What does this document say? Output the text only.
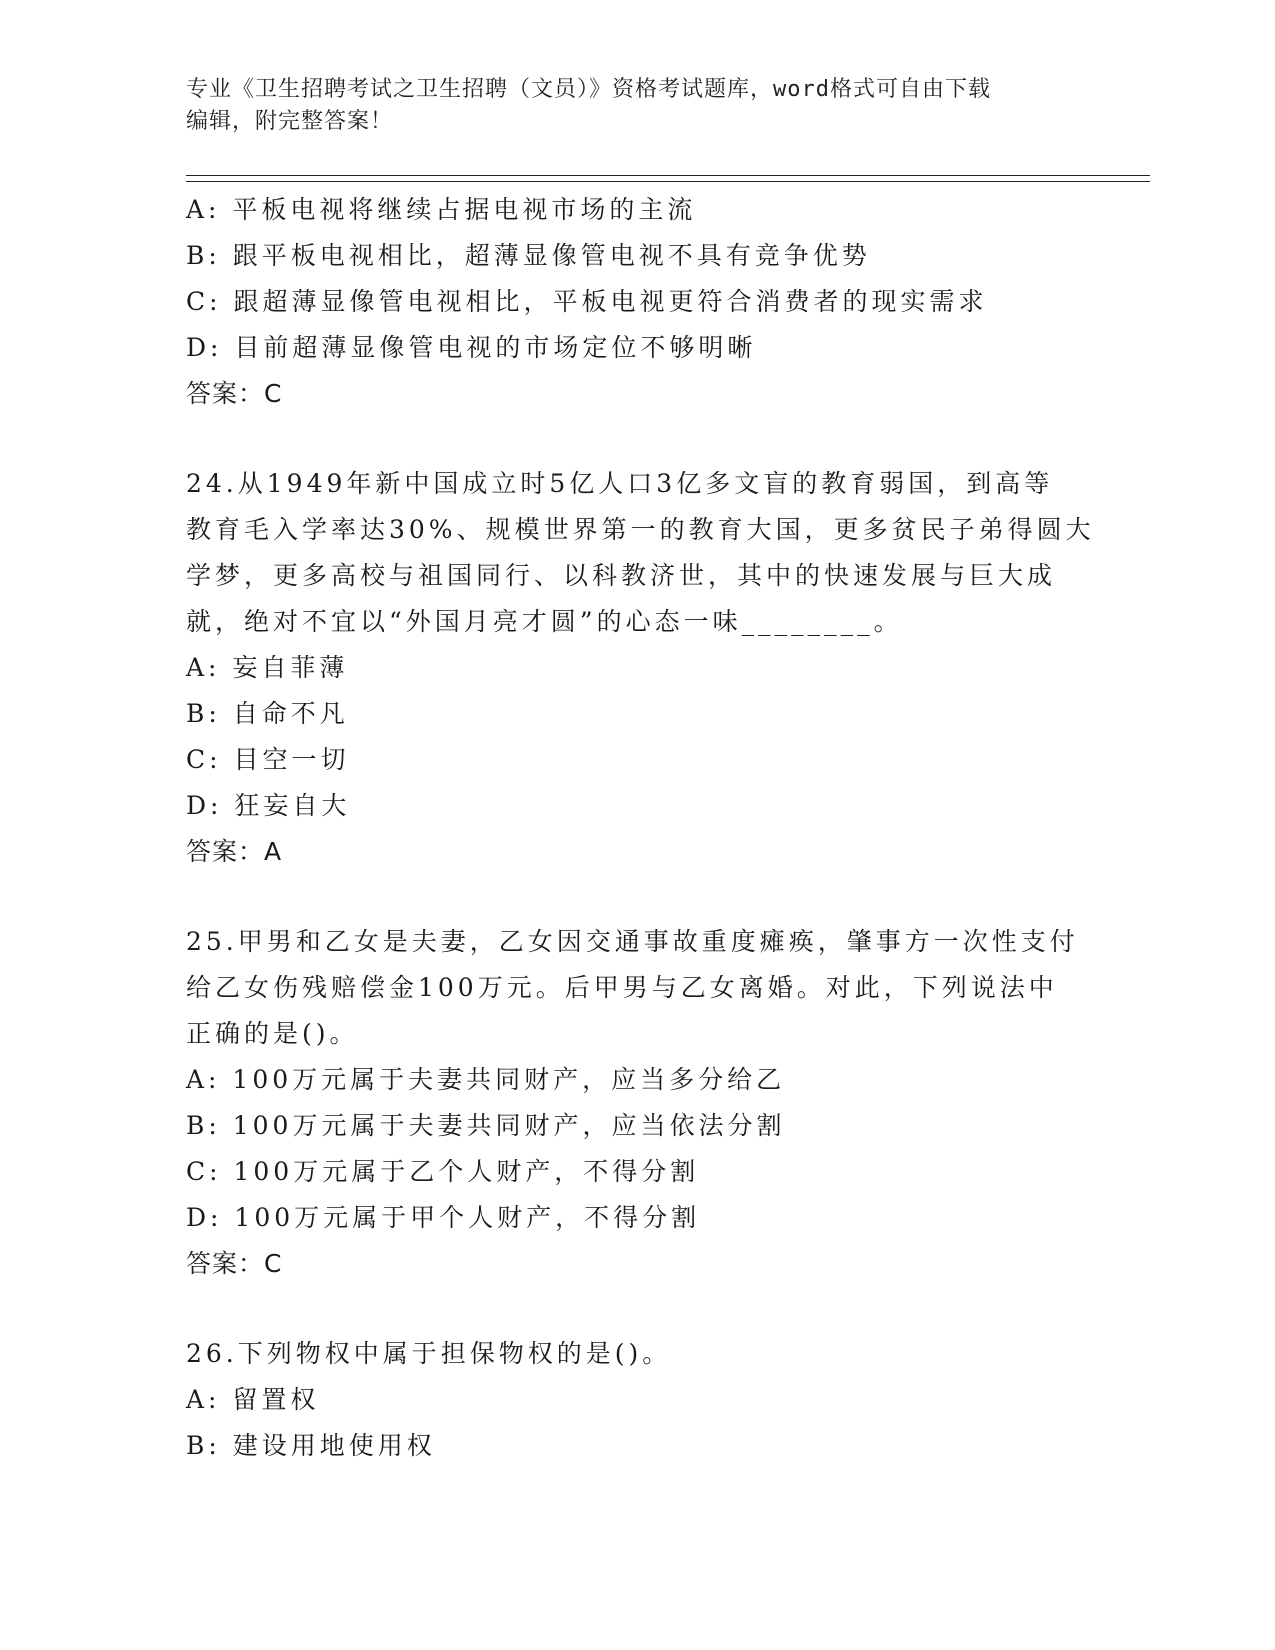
专业《卫生招聘考试之卫生招聘（文员）》资格考试题库，word格式可自由下载
编辑，附完整答案！
A: 平板电视将继续占据电视市场的主流
B: 跟平板电视相比，超薄显像管电视不具有竞争优势
C: 跟超薄显像管电视相比，平板电视更符合消费者的现实需求
D: 目前超薄显像管电视的市场定位不够明晰
答案：C
24.从1949年新中国成立时5亿人口3亿多文盲的教育弱国，到高等
教育毛入学率达30%、规模世界第一的教育大国，更多贫民子弟得圆大
学梦，更多高校与祖国同行、以科教济世，其中的快速发展与巨大成
就，绝对不宜以“外国月亮才圆”的心态一味________。
A: 妄自菲薄
B: 自命不凡
C: 目空一切
D: 狂妄自大
答案：A
25.甲男和乙女是夫妻，乙女因交通事故重度瘫痪，肇事方一次性支付
给乙女伤残赔偿金100万元。后甲男与乙女离婚。对此，下列说法中
正确的是()。
A: 100万元属于夫妻共同财产，应当多分给乙
B: 100万元属于夫妻共同财产，应当依法分割
C: 100万元属于乙个人财产，不得分割
D: 100万元属于甲个人财产，不得分割
答案：C
26.下列物权中属于担保物权的是()。
A: 留置权
B: 建设用地使用权
